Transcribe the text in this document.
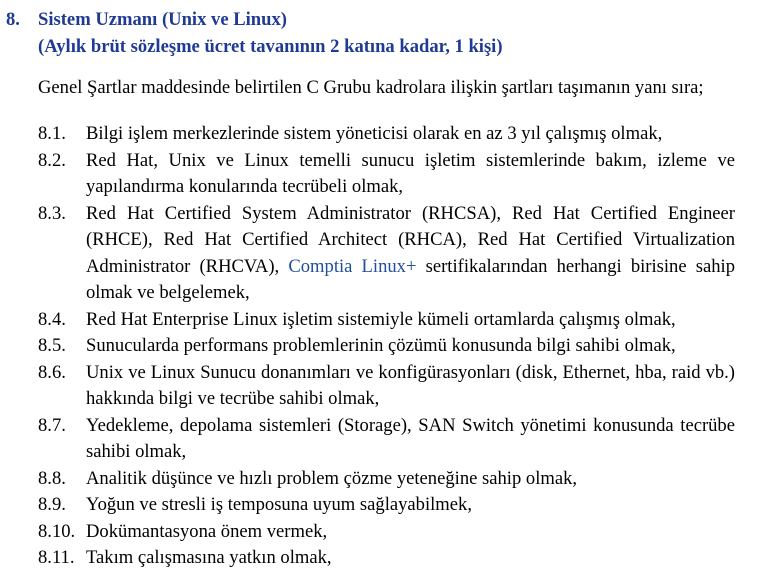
8. Sistem Uzmanı (Unix ve Linux)
(Aylık brüt sözleşme ücret tavanının 2 katına kadar, 1 kişi)
Genel Şartlar maddesinde belirtilen C Grubu kadrolara ilişkin şartları taşımanın yanı sıra;
8.1.	Bilgi işlem merkezlerinde sistem yöneticisi olarak en az 3 yıl çalışmış olmak,
8.2.	Red Hat, Unix ve Linux temelli sunucu işletim sistemlerinde bakım, izleme ve yapılandırma konularında tecrübeli olmak,
8.3.	Red Hat Certified System Administrator (RHCSA), Red Hat Certified Engineer (RHCE), Red Hat Certified Architect (RHCA), Red Hat Certified Virtualization Administrator (RHCVA), Comptia Linux+ sertifikalarından herhangi birisine sahip olmak ve belgelemek,
8.4.	Red Hat Enterprise Linux işletim sistemiyle kümeli ortamlarda çalışmış olmak,
8.5.	Sunucularda performans problemlerinin çözümü konusunda bilgi sahibi olmak,
8.6.	Unix ve Linux Sunucu donanımları ve konfigürasyonları (disk, Ethernet, hba, raid vb.) hakkında bilgi ve tecrübe sahibi olmak,
8.7.	Yedekleme, depolama sistemleri (Storage), SAN Switch yönetimi konusunda tecrübe sahibi olmak,
8.8.	Analitik düşünce ve hızlı problem çözme yeteneğine sahip olmak,
8.9.	Yoğun ve stresli iş temposuna uyum sağlayabilmek,
8.10. Dokümantasyona önem vermek,
8.11. Takım çalışmasına yatkın olmak,
